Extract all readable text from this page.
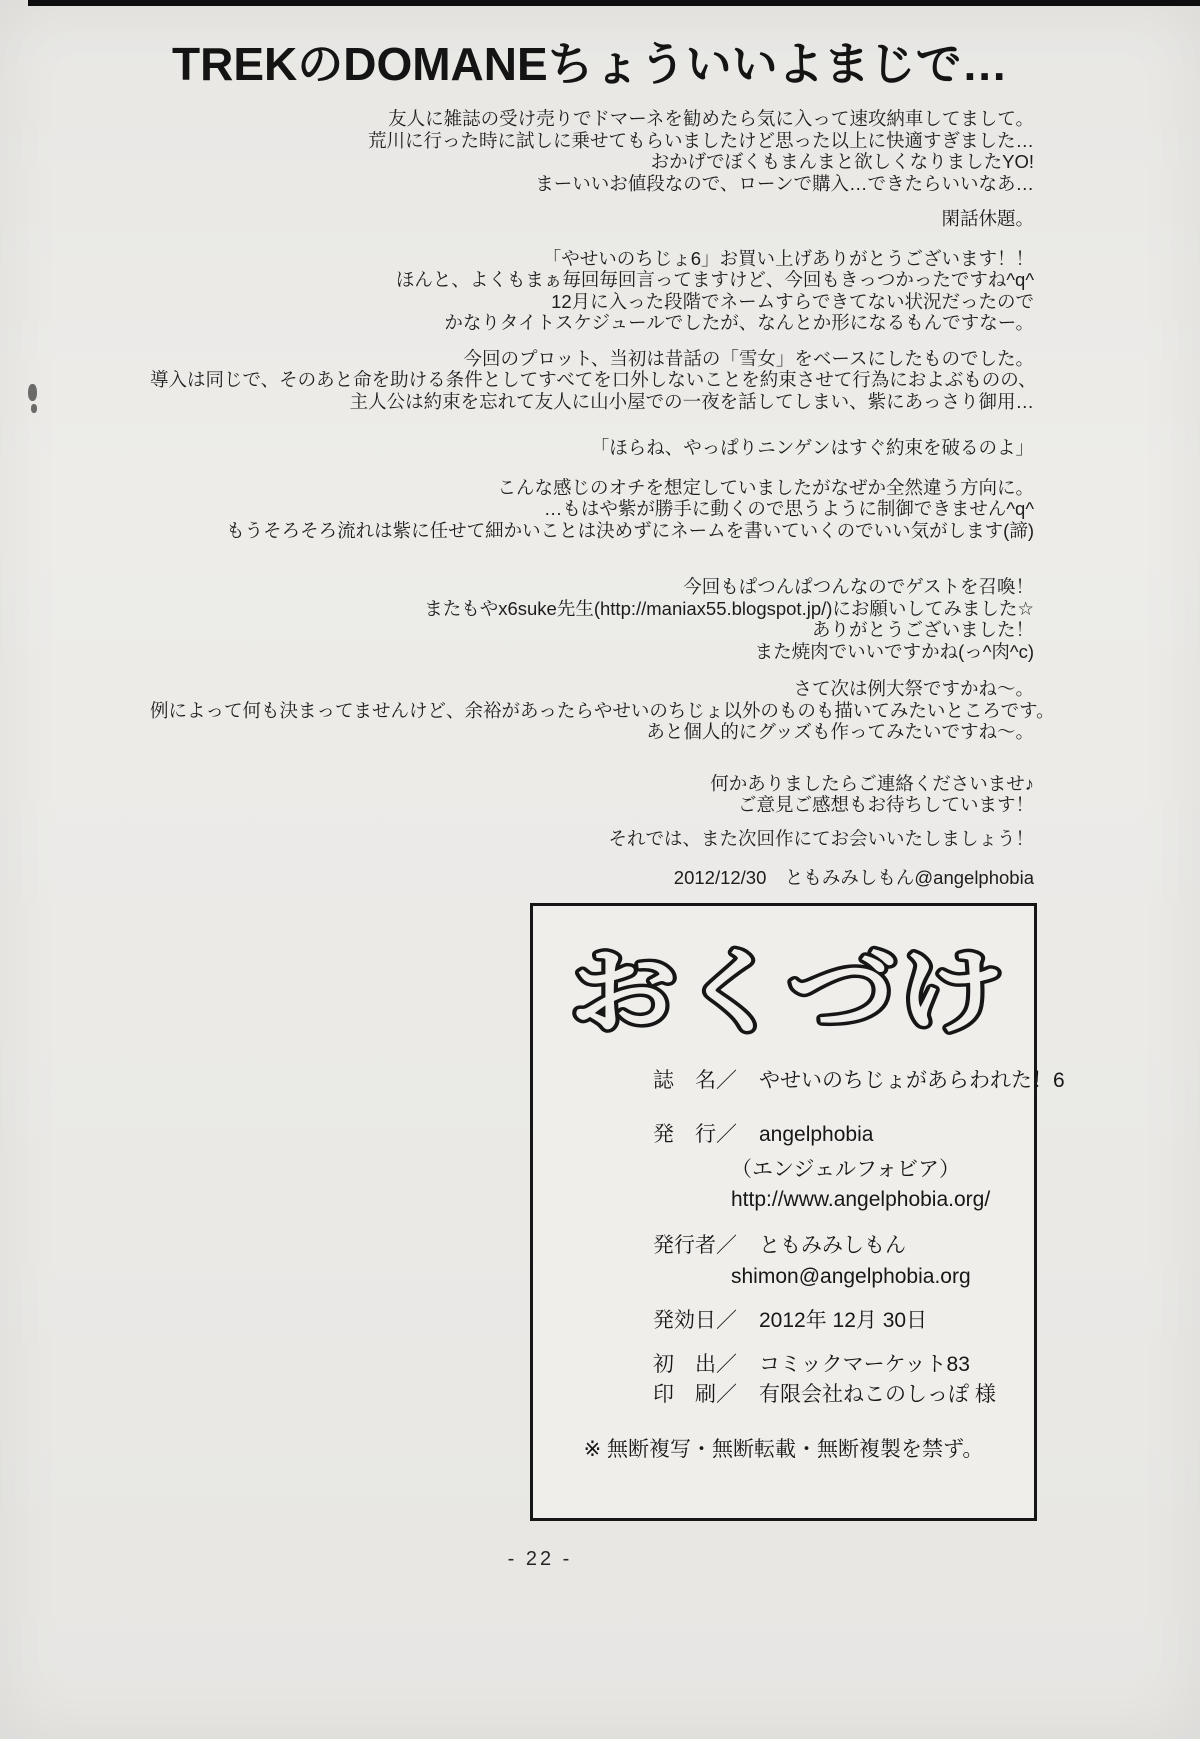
TREKのDOMANEちょういいよまじで…
友人に雑誌の受け売りでドマーネを勧めたら気に入って速攻納車してまして。
荒川に行った時に試しに乗せてもらいましたけど思った以上に快適すぎました…
おかげでぼくもまんまと欲しくなりましたYO!
まーいいお値段なので、ローンで購入…できたらいいなあ…
閑話休題。
「やせいのちじょ6」お買い上げありがとうございます！！
ほんと、よくもまぁ毎回毎回言ってますけど、今回もきっつかったですね^q^
12月に入った段階でネームすらできてない状況だったので
かなりタイトスケジュールでしたが、なんとか形になるもんですなー。
今回のプロット、当初は昔話の「雪女」をベースにしたものでした。
導入は同じで、そのあと命を助ける条件としてすべてを口外しないことを約束させて行為におよぶものの、
主人公は約束を忘れて友人に山小屋での一夜を話してしまい、紫にあっさり御用…
「ほらね、やっぱりニンゲンはすぐ約束を破るのよ」
こんな感じのオチを想定していましたがなぜか全然違う方向に。
…もはや紫が勝手に動くので思うように制御できません^q^
もうそろそろ流れは紫に任せて細かいことは決めずにネームを書いていくのでいい気がします(諦)
今回もぱつんぱつんなのでゲストを召喚！
またもやx6suke先生(http://maniax55.blogspot.jp/)にお願いしてみました☆
ありがとうございました！
また焼肉でいいですかね(っ^肉^c)
さて次は例大祭ですかね〜。
例によって何も決まってませんけど、余裕があったらやせいのちじょ以外のものも描いてみたいところです。
あと個人的にグッズも作ってみたいですね〜。
何かありましたらご連絡くださいませ♪
ご意見ご感想もお待ちしています！
それでは、また次回作にてお会いいたしましょう！
2012/12/30　ともみみしもん@angelphobia
おくづけ
誌　名／ やせいのちじょがあらわれた！6
発　行／ angelphobia
（エンジェルフォビア）
http://www.angelphobia.org/
発行者／ ともみみしもん
shimon@angelphobia.org
発効日／ 2012年 12月 30日
初　出／ コミックマーケット83
印　刷／ 有限会社ねこのしっぽ 様
※ 無断複写・無断転載・無断複製を禁ず。
- 22 -
